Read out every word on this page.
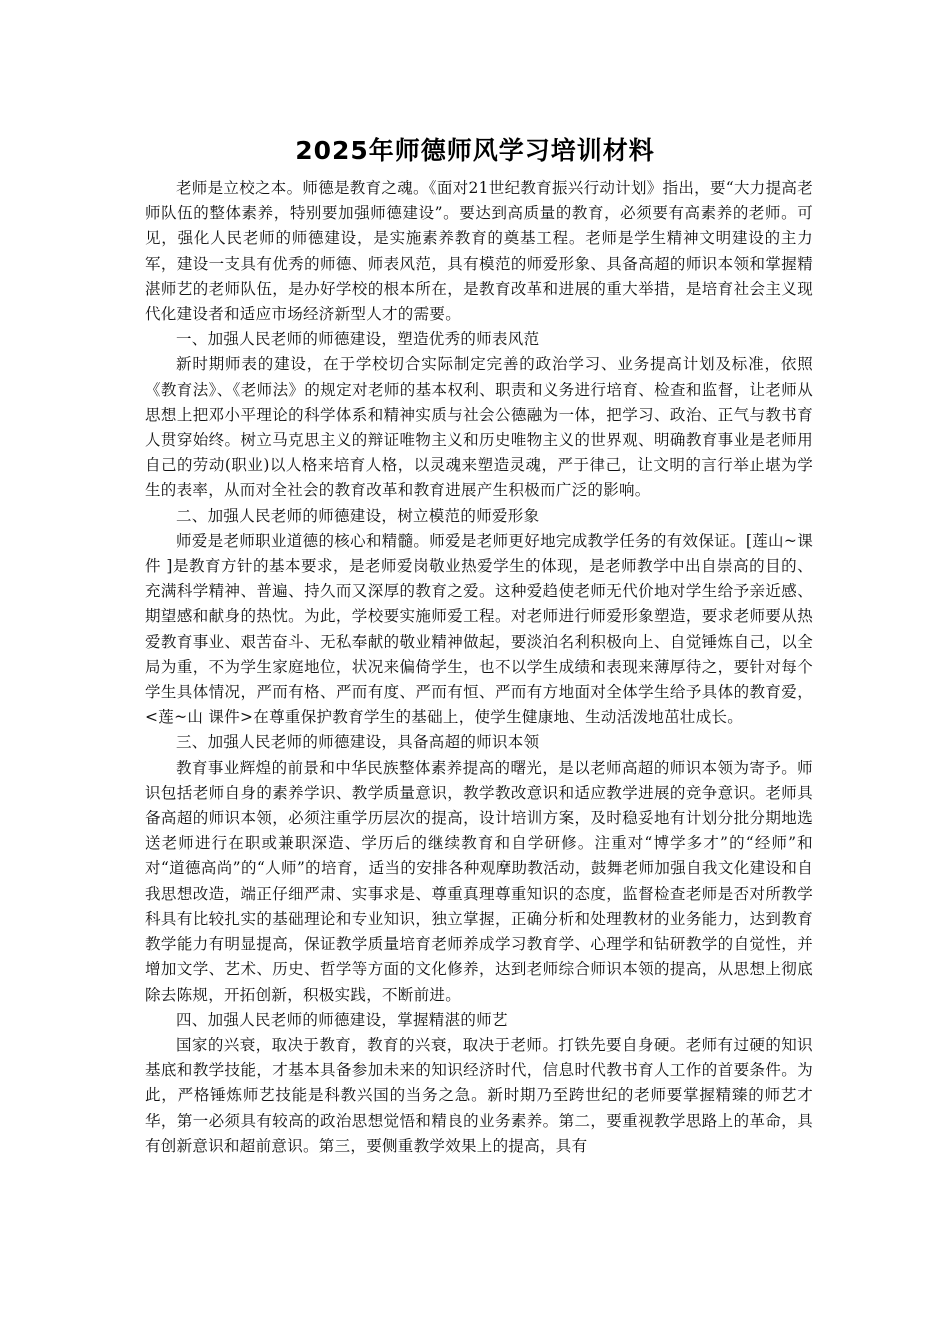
2025年师德师风学习培训材料

老师是立校之本。师德是教育之魂。《面对21世纪教育振兴行动计划》指出，要“大力提高老师队伍的整体素养，特别要加强师德建设”。要达到高质量的教育，必须要有高素养的老师。可见，强化人民老师的师德建设，是实施素养教育的奠基工程。老师是学生精神文明建设的主力军，建设一支具有优秀的师德、师表风范，具有模范的师爱形象、具备高超的师识本领和掌握精湛师艺的老师队伍，是办好学校的根本所在，是教育改革和进展的重大举措，是培育社会主义现代化建设者和适应市场经济新型人才的需要。

一、加强人民老师的师德建设，塑造优秀的师表风范

新时期师表的建设，在于学校切合实际制定完善的政治学习、业务提高计划及标准，依照《教育法》、《老师法》的规定对老师的基本权利、职责和义务进行培育、检查和监督，让老师从思想上把邓小平理论的科学体系和精神实质与社会公德融为一体，把学习、政治、正气与教书育人贯穿始终。树立马克思主义的辩证唯物主义和历史唯物主义的世界观、明确教育事业是老师用自己的劳动(职业)以人格来培育人格，以灵魂来塑造灵魂，严于律己，让文明的言行举止堪为学生的表率，从而对全社会的教育改革和教育进展产生积极而广泛的影响。

二、加强人民老师的师德建设，树立模范的师爱形象

师爱是老师职业道德的核心和精髓。师爱是老师更好地完成教学任务的有效保证。[莲山~课件 ]是教育方针的基本要求，是老师爱岗敬业热爱学生的体现，是老师教学中出自崇高的目的、充满科学精神、普遍、持久而又深厚的教育之爱。这种爱趋使老师无代价地对学生给予亲近感、期望感和献身的热忱。为此，学校要实施师爱工程。对老师进行师爱形象塑造，要求老师要从热爱教育事业、艰苦奋斗、无私奉献的敬业精神做起，要淡泊名利积极向上、自觉锤炼自己，以全局为重，不为学生家庭地位，状况来偏倚学生，也不以学生成绩和表现来薄厚待之，要针对每个学生具体情况，严而有格、严而有度、严而有恒、严而有方地面对全体学生给予具体的教育爱，<莲~山 课件>在尊重保护教育学生的基础上，使学生健康地、生动活泼地茁壮成长。

三、加强人民老师的师德建设，具备高超的师识本领

教育事业辉煌的前景和中华民族整体素养提高的曙光，是以老师高超的师识本领为寄予。师识包括老师自身的素养学识、教学质量意识，教学教改意识和适应教学进展的竞争意识。老师具备高超的师识本领，必须注重学历层次的提高，设计培训方案，及时稳妥地有计划分批分期地选送老师进行在职或兼职深造、学历后的继续教育和自学研修。注重对“博学多才”的“经师”和对“道德高尚”的“人师”的培育，适当的安排各种观摩助教活动，鼓舞老师加强自我文化建设和自我思想改造，端正仔细严肃、实事求是、尊重真理尊重知识的态度，监督检查老师是否对所教学科具有比较扎实的基础理论和专业知识，独立掌握，正确分析和处理教材的业务能力，达到教育教学能力有明显提高，保证教学质量培育老师养成学习教育学、心理学和钻研教学的自觉性，并增加文学、艺术、历史、哲学等方面的文化修养，达到老师综合师识本领的提高，从思想上彻底除去陈规，开拓创新，积极实践，不断前进。

四、加强人民老师的师德建设，掌握精湛的师艺

国家的兴衰，取决于教育，教育的兴衰，取决于老师。打铁先要自身硬。老师有过硬的知识基底和教学技能，才基本具备参加未来的知识经济时代，信息时代教书育人工作的首要条件。为此，严格锤炼师艺技能是科教兴国的当务之急。新时期乃至跨世纪的老师要掌握精臻的师艺才华，第一必须具有较高的政治思想觉悟和精良的业务素养。第二，要重视教学思路上的革命，具有创新意识和超前意识。第三，要侧重教学效果上的提高，具有
